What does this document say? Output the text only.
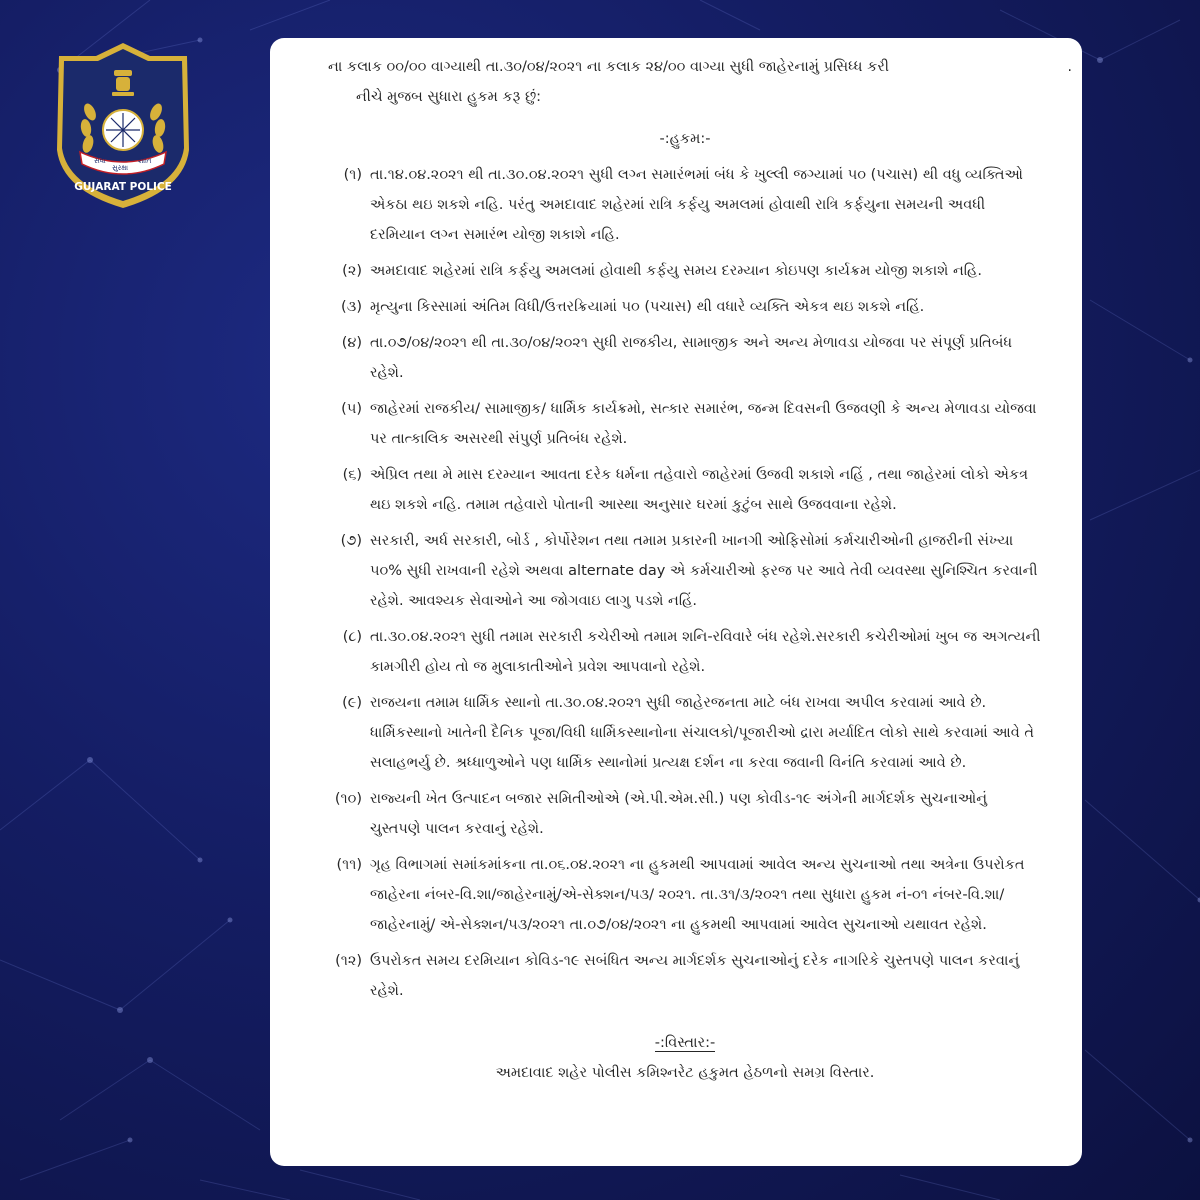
સેવા
સુરક્ષા
શાંતિ
GUJARAT POLICE
.

ના કલાક ૦૦/૦૦ વાગ્યાથી તા.૩૦/૦૪/૨૦૨૧ ના કલાક ૨૪/૦૦ વાગ્યા સુધી જાહેરનામું પ્રસિધ્ધ કરી

નીચે મુજબ સુધારા હુકમ કરૂ છું:

-:હુકમ:-

(૧) તા.૧૪.૦૪.૨૦૨૧ થી તા.૩૦.૦૪.૨૦૨૧ સુધી લગ્ન સમારંભમાં બંધ કે ખુલ્લી જગ્યામાં ૫૦ (પચાસ) થી વધુ વ્યક્તિઓ એકઠા થઇ શકશે નહિ. પરંતુ અમદાવાદ શહેરમાં રાત્રિ કર્ફયુ અમલમાં હોવાથી રાત્રિ કર્ફયુના સમયની અવધી દરમિયાન લગ્ન સમારંભ યોજી શકાશે નહિ.

(૨) અમદાવાદ શહેરમાં રાત્રિ કર્ફયુ અમલમાં હોવાથી કર્ફયુ સમય દરમ્યાન કોઇપણ કાર્યક્રમ યોજી શકાશે નહિ.

(૩) મૃત્યુના કિસ્સામાં અંતિમ વિધી/ઉત્તરક્રિયામાં ૫૦ (પચાસ) થી વધારે વ્યક્તિ એકત્ર થઇ શકશે નહિં.

(૪) તા.૦૭/૦૪/૨૦૨૧ થી તા.૩૦/૦૪/૨૦૨૧ સુધી રાજકીય, સામાજીક અને અન્ય મેળાવડા યોજવા પર સંપૂર્ણ પ્રતિબંધ રહેશે.

(૫) જાહેરમાં રાજકીય/ સામાજીક/ ધાર્મિક કાર્યક્રમો, સત્કાર સમારંભ, જન્મ દિવસની ઉજવણી કે અન્ય મેળાવડા યોજવા પર તાત્કાલિક અસરથી સંપુર્ણ પ્રતિબંધ રહેશે.

(૬) એપ્રિલ તથા મે માસ દરમ્યાન આવતા દરેક ધર્મના તહેવારો જાહેરમાં ઉજવી શકાશે નહિં , તથા જાહેરમાં લોકો એકત્ર થઇ શકશે નહિ. તમામ તહેવારો પોતાની આસ્થા અનુસાર ઘરમાં કુટુંબ સાથે ઉજવવાના રહેશે.

(૭) સરકારી, અર્ધ સરકારી, બોર્ડ , કોર્પોરેશન તથા તમામ પ્રકારની ખાનગી ઓફિસોમાં કર્મચારીઓની હાજરીની સંખ્યા ૫૦% સુધી રાખવાની રહેશે અથવા alternate day એ કર્મચારીઓ ફરજ પર આવે તેવી વ્યવસ્થા સુનિશ્ચિત કરવાની રહેશે. આવશ્યક સેવાઓને આ જોગવાઇ લાગુ પડશે નહિં.

(૮) તા.૩૦.૦૪.૨૦૨૧ સુધી તમામ સરકારી કચેરીઓ તમામ શનિ-રવિવારે બંધ રહેશે.સરકારી કચેરીઓમાં ખુબ જ અગત્યની કામગીરી હોય તો જ મુલાકાતીઓને પ્રવેશ આપવાનો રહેશે.

(૯) રાજયના તમામ ધાર્મિક સ્થાનો તા.૩૦.૦૪.૨૦૨૧ સુધી જાહેરજનતા માટે બંધ રાખવા અપીલ કરવામાં આવે છે. ધાર્મિકસ્થાનો ખાતેની દૈનિક પૂજા/વિધી ધાર્મિકસ્થાનોના સંચાલકો/પૂજારીઓ દ્રારા મર્યાદિત લોકો સાથે કરવામાં આવે તે સલાહભર્યુ છે. શ્રધ્ધાળુઓને પણ ધાર્મિક સ્થાનોમાં પ્રત્યક્ષ દર્શન ના કરવા જવાની વિનંતિ કરવામાં આવે છે.

(૧૦) રાજ્યની ખેત ઉત્પાદન બજાર સમિતીઓએ (એ.પી.એમ.સી.) પણ કોવીડ-૧૯ અંગેની માર્ગદર્શક સુચનાઓનું ચુસ્તપણે પાલન કરવાનું રહેશે.

(૧૧) ગૃહ વિભાગમાં સમાંકમાંકના તા.૦૬.૦૪.૨૦૨૧ ના હુકમથી આપવામાં આવેલ અન્ય સુચનાઓ તથા અત્રેના ઉપરોકત જાહેરના નંબર-વિ.શા/જાહેરનામું/એ-સેક્શન/૫૩/ ૨૦૨૧. તા.૩૧/૩/૨૦૨૧ તથા સુધારા હુકમ નં-૦૧ નંબર-વિ.શા/જાહેરનામું/ એ-સેક્શન/૫૩/૨૦૨૧ તા.૦૭/૦૪/૨૦૨૧ ના હુકમથી આપવામાં આવેલ સુચનાઓ યથાવત રહેશે.

(૧૨) ઉપરોકત સમય દરમિયાન કોવિડ-૧૯ સબંધિત અન્ય માર્ગદર્શક સુચનાઓનું દરેક નાગરિકે ચુસ્તપણે પાલન કરવાનું રહેશે.

-:વિસ્તાર:-

અમદાવાદ શહેર પોલીસ કમિશ્નરેટ હકુમત હેઠળનો સમગ્ર વિસ્તાર.
